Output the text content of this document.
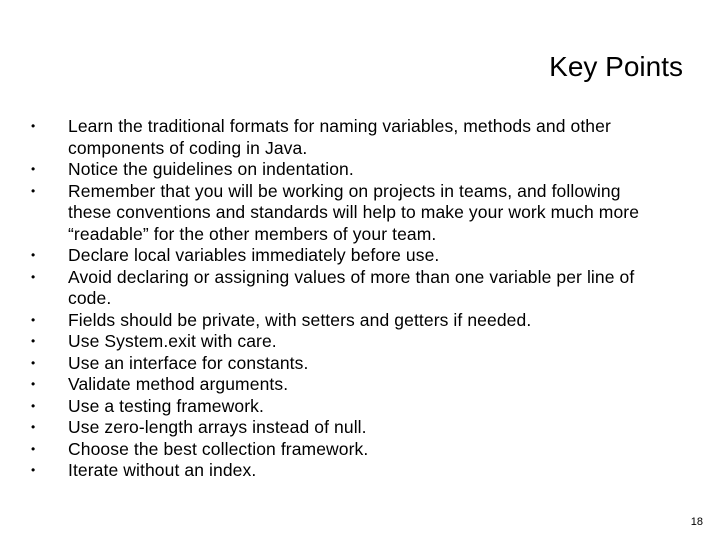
Key Points
• Learn the traditional formats for naming variables, methods and other components of coding in Java.
• Notice the guidelines on indentation.
• Remember that you will be working on projects in teams, and following these conventions and standards will help to make your work much more “readable” for the other members of your team.
• Declare local variables immediately before use.
• Avoid declaring or assigning values of more than one variable per line of code.
• Fields should be private, with setters and getters if needed.
• Use System.exit with care.
• Use an interface for constants.
• Validate method arguments.
• Use a testing framework.
• Use zero-length arrays instead of null.
• Choose the best collection framework.
• Iterate without an index.
18
